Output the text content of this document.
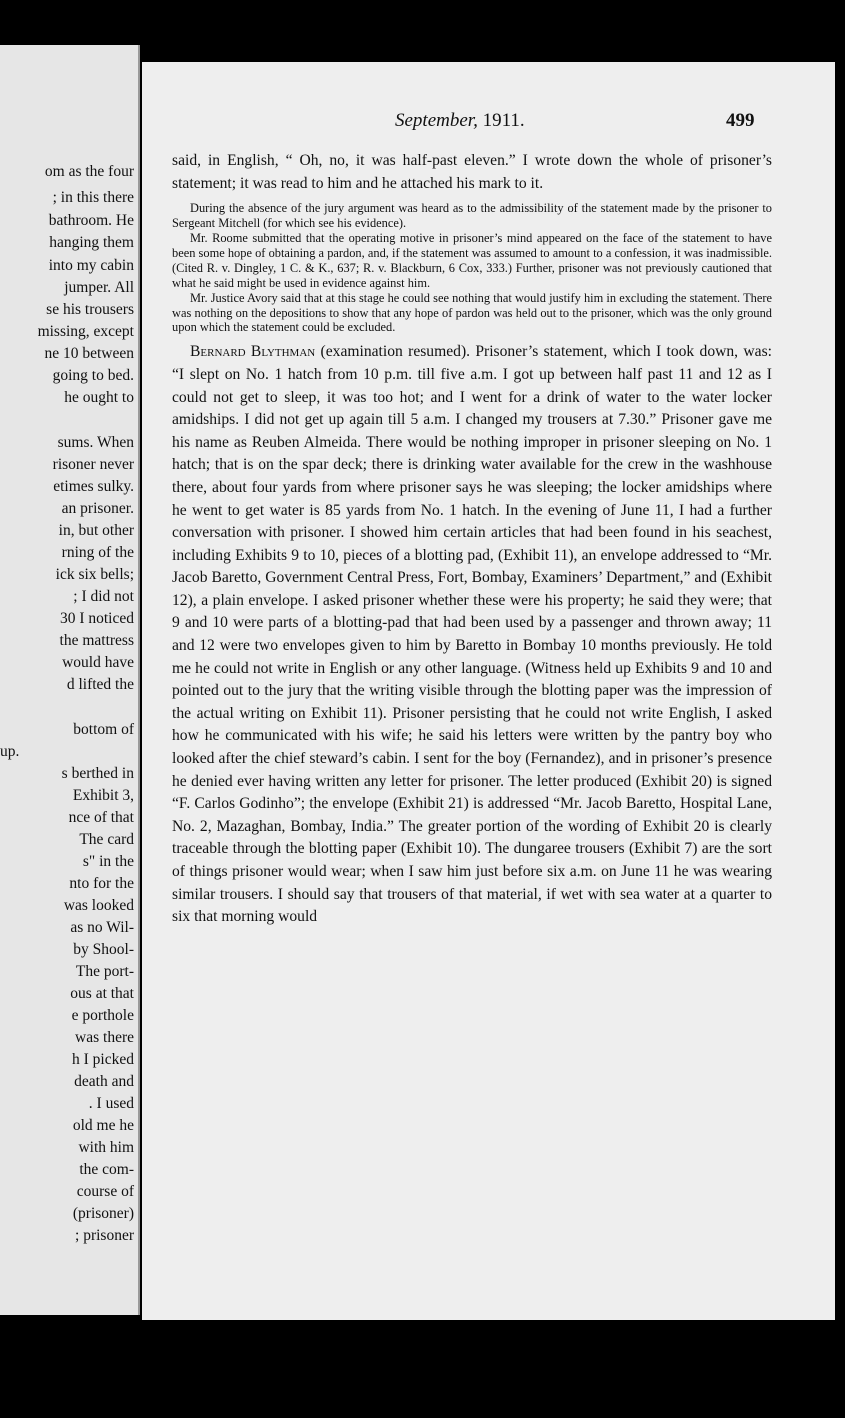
om as the four
; in this there
bathroom. He
hanging them
into my cabin
jumper. All
se his trousers
missing, except
ne 10 between
going to bed.
he ought to
sums. When
risoner never
etimes sulky.
an prisoner.
in, but other
rning of the
ick six bells;
; I did not
30 I noticed
the mattress
would have
d lifted the
bottom of
up.
s berthed in
Exhibit 3,
nce of that
The card
s" in the
nto for the
was looked
as no Wil-
by Shool-
The port-
ous at that
e porthole
was there
h I picked
death and
. I used
old me he
with him
the com-
course of
(prisoner)
; prisoner
September, 1911.	499

said, in English, “ Oh, no, it was half-past eleven.” I wrote down the whole of prisoner’s statement; it was read to him and he attached his mark to it.

During the absence of the jury argument was heard as to the admissibility of the statement made by the prisoner to Sergeant Mitchell (for which see his evidence).

Mr. Roome submitted that the operating motive in prisoner’s mind appeared on the face of the statement to have been some hope of obtaining a pardon, and, if the statement was assumed to amount to a confession, it was inadmissible. (Cited R. v. Dingley, 1 C. & K., 637; R. v. Blackburn, 6 Cox, 333.) Further, prisoner was not previously cautioned that what he said might be used in evidence against him.

Mr. Justice Avory said that at this stage he could see nothing that would justify him in excluding the statement. There was nothing on the depositions to show that any hope of pardon was held out to the prisoner, which was the only ground upon which the statement could be excluded.

Bernard Blythman (examination resumed). Prisoner’s statement, which I took down, was: “I slept on No. 1 hatch from 10 p.m. till five a.m. I got up between half past 11 and 12 as I could not get to sleep, it was too hot; and I went for a drink of water to the water locker amidships. I did not get up again till 5 a.m. I changed my trousers at 7.30.” Prisoner gave me his name as Reuben Almeida. There would be nothing improper in prisoner sleeping on No. 1 hatch; that is on the spar deck; there is drinking water available for the crew in the washhouse there, about four yards from where prisoner says he was sleeping; the locker amidships where he went to get water is 85 yards from No. 1 hatch. In the evening of June 11, I had a further conversation with prisoner. I showed him certain articles that had been found in his seachest, including Exhibits 9 to 10, pieces of a blotting pad, (Exhibit 11), an envelope addressed to “Mr. Jacob Baretto, Government Central Press, Fort, Bombay, Examiners’ Department,” and (Exhibit 12), a plain envelope. I asked prisoner whether these were his property; he said they were; that 9 and 10 were parts of a blotting-pad that had been used by a passenger and thrown away; 11 and 12 were two envelopes given to him by Baretto in Bombay 10 months previously. He told me he could not write in English or any other language. (Witness held up Exhibits 9 and 10 and pointed out to the jury that the writing visible through the blotting paper was the impression of the actual writing on Exhibit 11). Prisoner persisting that he could not write English, I asked how he communicated with his wife; he said his letters were written by the pantry boy who looked after the chief steward’s cabin. I sent for the boy (Fernandez), and in prisoner’s presence he denied ever having written any letter for prisoner. The letter produced (Exhibit 20) is signed “F. Carlos Godinho”; the envelope (Exhibit 21) is addressed “Mr. Jacob Baretto, Hospital Lane, No. 2, Mazaghan, Bombay, India.” The greater portion of the wording of Exhibit 20 is clearly traceable through the blotting paper (Exhibit 10). The dungaree trousers (Exhibit 7) are the sort of things prisoner would wear; when I saw him just before six a.m. on June 11 he was wearing similar trousers. I should say that trousers of that material, if wet with sea water at a quarter to six that morning would
